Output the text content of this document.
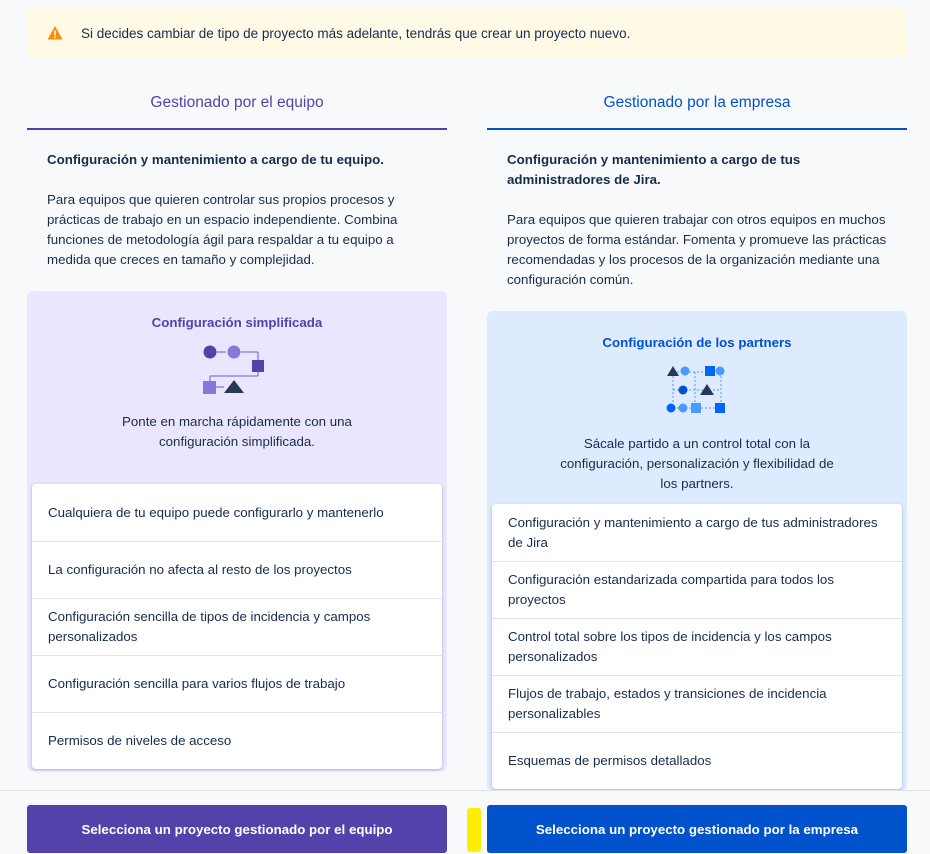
Si decides cambiar de tipo de proyecto más adelante, tendrás que crear un proyecto nuevo.
Gestionado por el equipo

Configuración y mantenimiento a cargo de tu equipo.

Para equipos que quieren controlar sus propios procesos y prácticas de trabajo en un espacio independiente. Combina funciones de metodología ágil para respaldar a tu equipo a medida que creces en tamaño y complejidad.

Configuración simplificada
Ponte en marcha rápidamente con una configuración simplificada.
Cualquiera de tu equipo puede configurarlo y mantenerlo
La configuración no afecta al resto de los proyectos
Configuración sencilla de tipos de incidencia y campos personalizados
Configuración sencilla para varios flujos de trabajo
Permisos de niveles de acceso
Gestionado por la empresa

Configuración y mantenimiento a cargo de tus administradores de Jira.

Para equipos que quieren trabajar con otros equipos en muchos proyectos de forma estándar. Fomenta y promueve las prácticas recomendadas y los procesos de la organización mediante una configuración común.

Configuración de los partners
Sácale partido a un control total con la configuración, personalización y flexibilidad de los partners.
Configuración y mantenimiento a cargo de tus administradores de Jira
Configuración estandarizada compartida para todos los proyectos
Control total sobre los tipos de incidencia y los campos personalizados
Flujos de trabajo, estados y transiciones de incidencia personalizables
Esquemas de permisos detallados
Selecciona un proyecto gestionado por el equipo	Selecciona un proyecto gestionado por la empresa
